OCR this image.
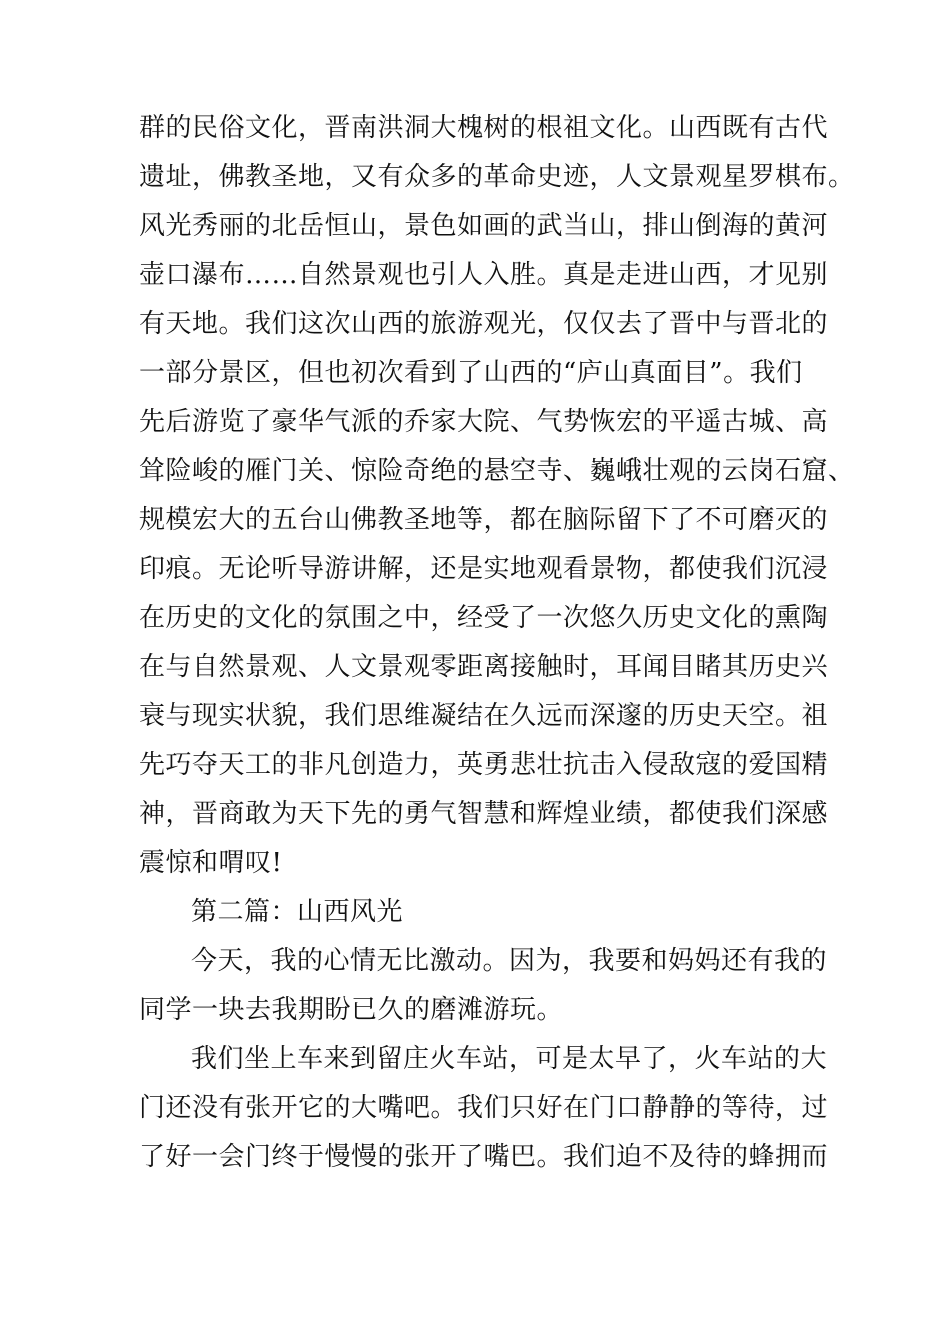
群的民俗文化，晋南洪洞大槐树的根祖文化。山西既有古代
遗址，佛教圣地，又有众多的革命史迹，人文景观星罗棋布。
风光秀丽的北岳恒山，景色如画的武当山，排山倒海的黄河
壶口瀑布……自然景观也引人入胜。真是走进山西，才见别
有天地。我们这次山西的旅游观光，仅仅去了晋中与晋北的
一部分景区，但也初次看到了山西的“庐山真面目”。我们
先后游览了豪华气派的乔家大院、气势恢宏的平遥古城、高
耸险峻的雁门关、惊险奇绝的悬空寺、巍峨壮观的云岗石窟、
规模宏大的五台山佛教圣地等，都在脑际留下了不可磨灭的
印痕。无论听导游讲解，还是实地观看景物，都使我们沉浸
在历史的文化的氛围之中，经受了一次悠久历史文化的熏陶
在与自然景观、人文景观零距离接触时，耳闻目睹其历史兴
衰与现实状貌，我们思维凝结在久远而深邃的历史天空。祖
先巧夺天工的非凡创造力，英勇悲壮抗击入侵敌寇的爱国精
神，晋商敢为天下先的勇气智慧和辉煌业绩，都使我们深感
震惊和喟叹!
第二篇：山西风光
今天，我的心情无比激动。因为，我要和妈妈还有我的
同学一块去我期盼已久的磨滩游玩。
我们坐上车来到留庄火车站，可是太早了，火车站的大
门还没有张开它的大嘴吧。我们只好在门口静静的等待，过
了好一会门终于慢慢的张开了嘴巴。我们迫不及待的蜂拥而
